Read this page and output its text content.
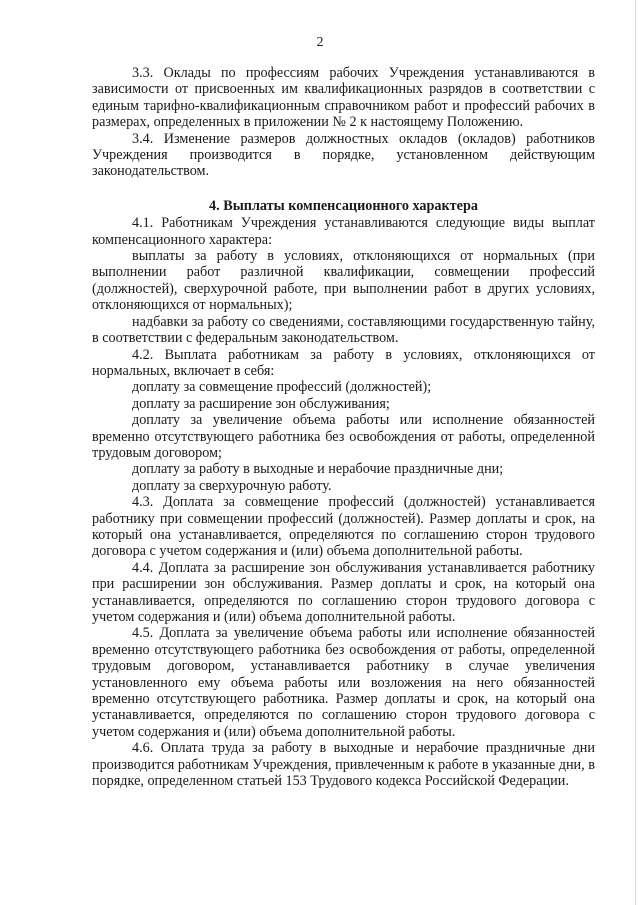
2

3.3. Оклады по профессиям рабочих Учреждения устанавливаются в зависимости от присвоенных им квалификационных разрядов в соответствии с единым тарифно-квалификационным справочником работ и профессий рабочих в размерах, определенных в приложении № 2 к настоящему Положению.

3.4. Изменение размеров должностных окладов (окладов) работников Учреждения производится в порядке, установленном действующим законодательством.

4. Выплаты компенсационного характера

4.1. Работникам Учреждения устанавливаются следующие виды выплат компенсационного характера:

выплаты за работу в условиях, отклоняющихся от нормальных (при выполнении работ различной квалификации, совмещении профессий (должностей), сверхурочной работе, при выполнении работ в других условиях, отклоняющихся от нормальных);

надбавки за работу со сведениями, составляющими государственную тайну, в соответствии с федеральным законодательством.

4.2. Выплата работникам за работу в условиях, отклоняющихся от нормальных, включает в себя:

доплату за совмещение профессий (должностей);

доплату за расширение зон обслуживания;

доплату за увеличение объема работы или исполнение обязанностей временно отсутствующего работника без освобождения от работы, определенной трудовым договором;

доплату за работу в выходные и нерабочие праздничные дни;

доплату за сверхурочную работу.

4.3. Доплата за совмещение профессий (должностей) устанавливается работнику при совмещении профессий (должностей). Размер доплаты и срок, на который она устанавливается, определяются по соглашению сторон трудового договора с учетом содержания и (или) объема дополнительной работы.

4.4. Доплата за расширение зон обслуживания устанавливается работнику при расширении зон обслуживания. Размер доплаты и срок, на который она устанавливается, определяются по соглашению сторон трудового договора с учетом содержания и (или) объема дополнительной работы.

4.5. Доплата за увеличение объема работы или исполнение обязанностей временно отсутствующего работника без освобождения от работы, определенной трудовым договором, устанавливается работнику в случае увеличения установленного ему объема работы или возложения на него обязанностей временно отсутствующего работника. Размер доплаты и срок, на который она устанавливается, определяются по соглашению сторон трудового договора с учетом содержания и (или) объема дополнительной работы.

4.6. Оплата труда за работу в выходные и нерабочие праздничные дни производится работникам Учреждения, привлеченным к работе в указанные дни, в порядке, определенном статьей 153 Трудового кодекса Российской Федерации.
